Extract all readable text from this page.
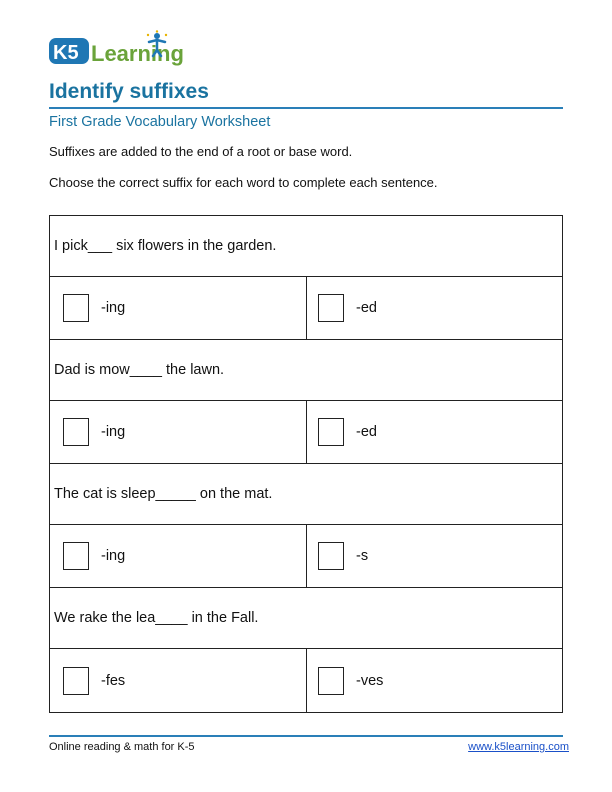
K5 Learning
Identify suffixes
First Grade Vocabulary Worksheet
Suffixes are added to the end of a root or base word.
Choose the correct suffix for each word to complete each sentence.
I pick___ six flowers in the garden.
-ing	-ed
Dad is mow____ the lawn.
-ing	-ed
The cat is sleep_____ on the mat.
-ing	-s
We rake the lea____ in the Fall.
-fes	-ves
Online reading & math for K-5	www.k5learning.com
